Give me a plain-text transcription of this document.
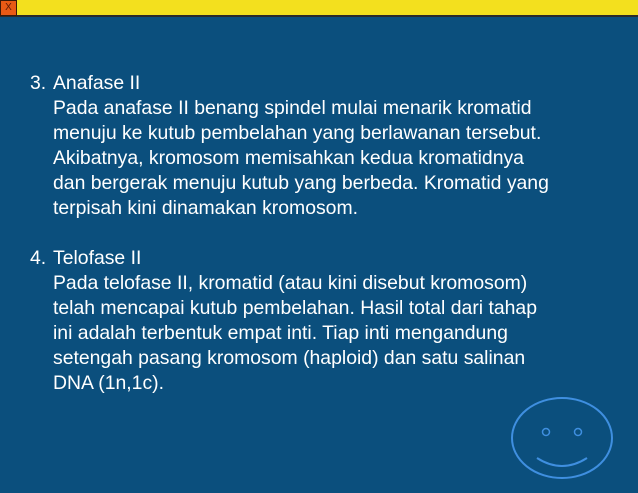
X
3. Anafase II
Pada anafase II benang spindel mulai menarik kromatid
menuju ke kutub pembelahan yang berlawanan tersebut.
Akibatnya, kromosom memisahkan kedua kromatidnya
dan bergerak menuju kutub yang berbeda. Kromatid yang
terpisah kini dinamakan kromosom.
4. Telofase II
Pada telofase II, kromatid (atau kini disebut kromosom)
telah mencapai kutub pembelahan. Hasil total dari tahap
ini adalah terbentuk empat inti. Tiap inti mengandung
setengah pasang kromosom (haploid) dan satu salinan
DNA (1n,1c).
